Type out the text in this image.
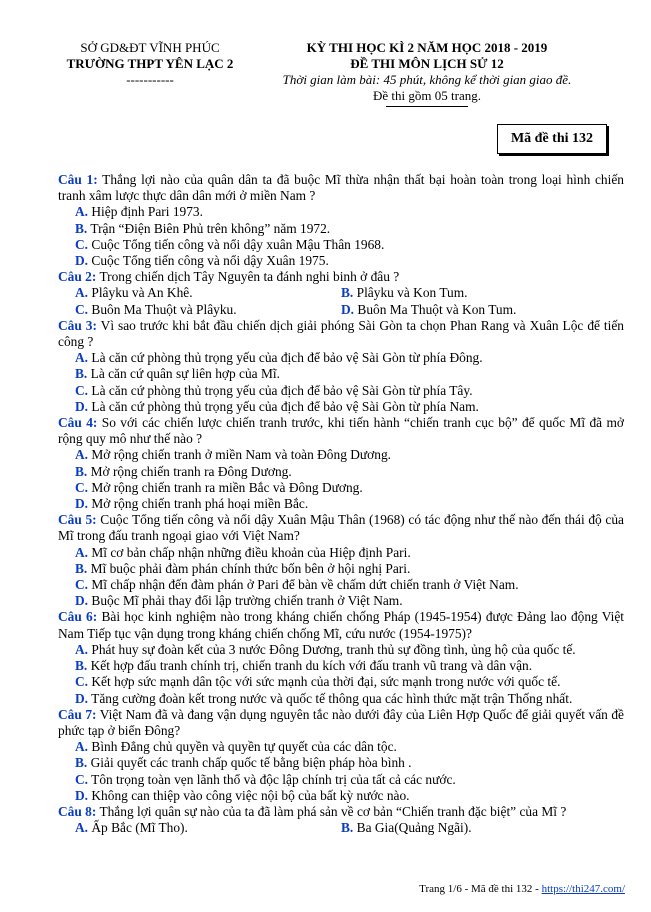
SỞ GD&ĐT VĨNH PHÚC
TRƯỜNG THPT YÊN LẠC 2
-----------
KỲ THI HỌC KÌ 2 NĂM HỌC 2018 - 2019
ĐỀ THI MÔN LỊCH SỬ 12
Thời gian làm bài: 45 phút, không kể thời gian giao đề.
Đề thi gồm 05 trang.
Mã đề thi 132
Câu 1: Thắng lợi nào của quân dân ta đã buộc Mĩ thừa nhận thất bại hoàn toàn trong loại hình chiến tranh xâm lược thực dân dân mới ở miền Nam ?
A. Hiệp định Pari 1973.
B. Trận “Điện Biên Phủ trên không” năm 1972.
C. Cuộc Tổng tiến công và nổi dậy xuân Mậu Thân 1968.
D. Cuộc Tổng tiến công và nổi dậy Xuân 1975.
Câu 2: Trong chiến dịch Tây Nguyên ta đánh nghi binh ở đâu ?
A. Plâyku và An Khê.	B. Plâyku và Kon Tum.
C. Buôn Ma Thuột và Plâyku.	D. Buôn Ma Thuột và Kon Tum.
Câu 3: Vì sao trước khi bắt đầu chiến dịch giải phóng Sài Gòn ta chọn Phan Rang và Xuân Lộc để tiến công ?
A. Là căn cứ phòng thủ trọng yếu của địch để bảo vệ Sài Gòn từ phía Đông.
B. Là căn cứ quân sự liên hợp của Mĩ.
C. Là căn cứ phòng thủ trọng yếu của địch để bảo vệ Sài Gòn từ phía Tây.
D. Là căn cứ phòng thủ trọng yếu của địch để bảo vệ Sài Gòn từ phía Nam.
Câu 4: So với các chiến lược chiến tranh trước, khi tiến hành “chiến tranh cục bộ” để quốc Mĩ đã mở rộng quy mô như thế nào ?
A. Mở rộng chiến tranh ở miền Nam và toàn Đông Dương.
B. Mở rộng chiến tranh ra Đông Dương.
C. Mở rộng chiến tranh ra miền Bắc và Đông Dương.
D. Mở rộng chiến tranh phá hoại miền Bắc.
Câu 5: Cuộc Tổng tiến công và nổi dậy Xuân Mậu Thân (1968) có tác động như thế nào đến thái độ của Mĩ trong đấu tranh ngoại giao với Việt Nam?
A. Mĩ cơ bản chấp nhận những điều khoản của Hiệp định Pari.
B. Mĩ buộc phải đàm phán chính thức bốn bên ở hội nghị Pari.
C. Mĩ chấp nhận đến đàm phán ở Pari để bàn về chấm dứt chiến tranh ở Việt Nam.
D. Buộc Mĩ phải thay đổi lập trường chiến tranh ở Việt Nam.
Câu 6: Bài học kinh nghiệm nào trong kháng chiến chống Pháp (1945-1954) được Đảng lao động Việt Nam Tiếp tục vận dụng trong kháng chiến chống Mĩ, cứu nước (1954-1975)?
A. Phát huy sự đoàn kết của 3 nước Đông Dương, tranh thủ sự đồng tình, ủng hộ của quốc tế.
B. Kết hợp đấu tranh chính trị, chiến tranh du kích với đấu tranh vũ trang và dân vận.
C. Kết hợp sức mạnh dân tộc với sức mạnh của thời đại, sức mạnh trong nước với quốc tế.
D. Tăng cường đoàn kết trong nước và quốc tế thông qua các hình thức mặt trận Thống nhất.
Câu 7: Việt Nam đã và đang vận dụng nguyên tắc nào dưới đây của Liên Hợp Quốc để giải quyết vấn đề phức tạp ở biển Đông?
A. Bình Đẳng chủ quyền và quyền tự quyết của các dân tộc.
B. Giải quyết các tranh chấp quốc tế bằng biện pháp hòa bình .
C. Tôn trọng toàn vẹn lãnh thổ và độc lập chính trị của tất cả các nước.
D. Không can thiệp vào công việc nội bộ của bất kỳ nước nào.
Câu 8: Thắng lợi quân sự nào của ta đã làm phá sản về cơ bản “Chiến tranh đặc biệt” của Mĩ ?
A. Ấp Bắc (Mĩ Tho).	B. Ba Gia(Quảng Ngãi).
Trang 1/6 - Mã đề thi 132 - https://thi247.com/
